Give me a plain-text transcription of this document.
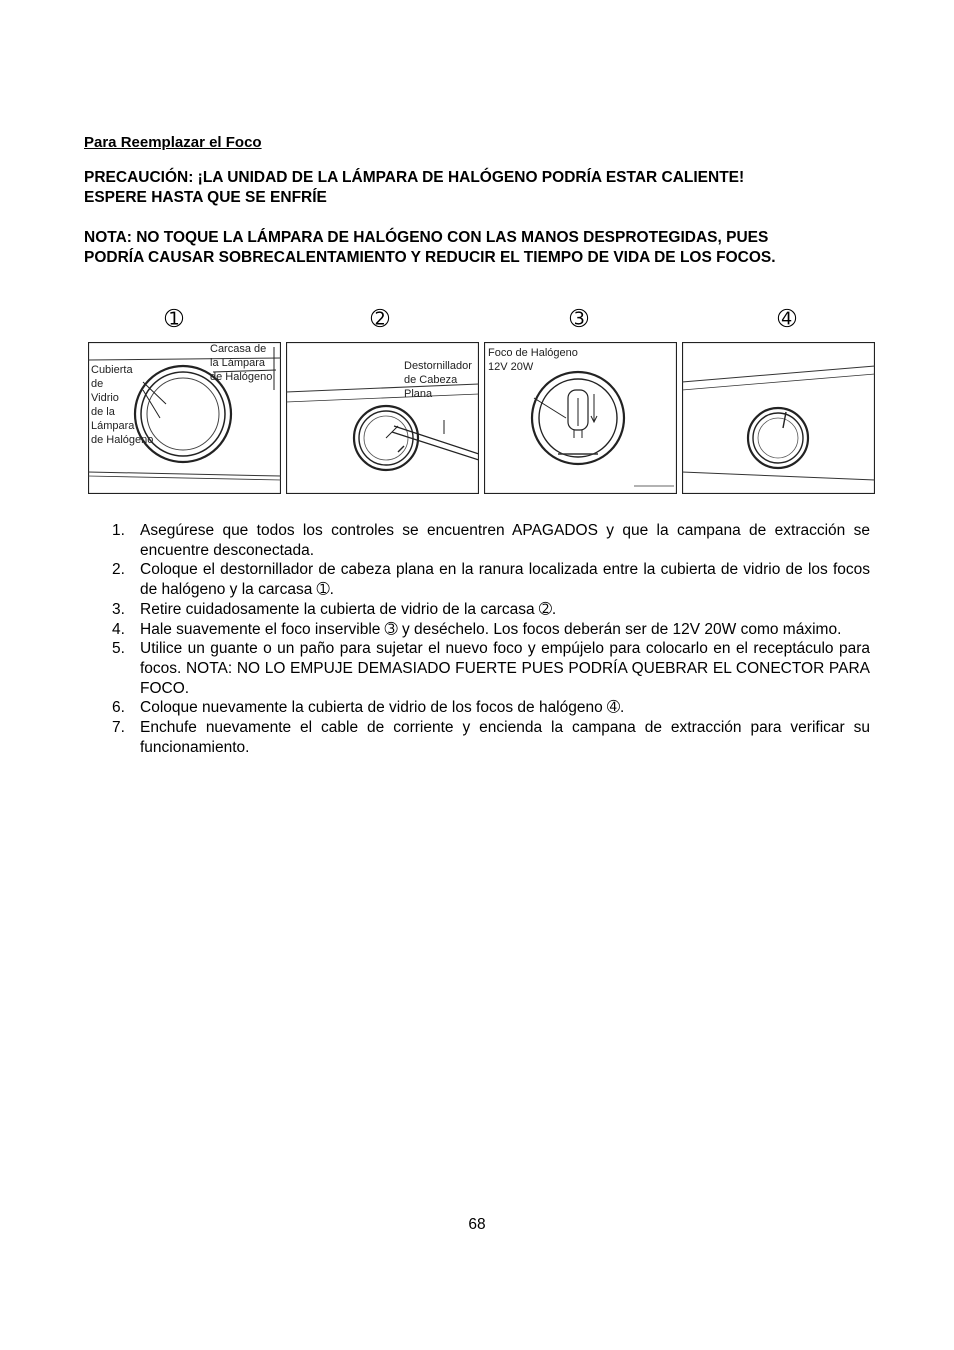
Para Reemplazar el Foco

PRECAUCIÓN: ¡LA UNIDAD DE LA LÁMPARA DE HALÓGENO PODRÍA ESTAR CALIENTE!

ESPERE HASTA QUE SE ENFRÍE

NOTA: NO TOQUE LA LÁMPARA DE HALÓGENO CON LAS MANOS DESPROTEGIDAS, PUES

PODRÍA CAUSAR SOBRECALENTAMIENTO Y REDUCIR EL TIEMPO DE VIDA DE LOS FOCOS.

➀	➁	➂	➃
Carcasa de
la Lámpara
de Halógeno
Cubierta
de
Vidrio
de la
Lámpara
de Halógeno
Destornillador
de Cabeza
Plana
Foco de Halógeno
12V 20W
1. Asegúrese que todos los controles se encuentren APAGADOS y que la campana de extracción se encuentre desconectada.
2. Coloque el destornillador de cabeza plana en la ranura localizada entre la cubierta de vidrio de los focos de halógeno y la carcasa ➀.
3. Retire cuidadosamente la cubierta de vidrio de la carcasa ➁.
4. Hale suavemente el foco inservible ➂ y deséchelo. Los focos deberán ser de 12V 20W como máximo.
5. Utilice un guante o un paño para sujetar el nuevo foco y empújelo para colocarlo en el receptáculo para focos. NOTA: NO LO EMPUJE DEMASIADO FUERTE PUES PODRÍA QUEBRAR EL CONECTOR PARA FOCO.
6. Coloque nuevamente la cubierta de vidrio de los focos de halógeno ➃.
7. Enchufe nuevamente el cable de corriente y encienda la campana de extracción para verificar su funcionamiento.
68
